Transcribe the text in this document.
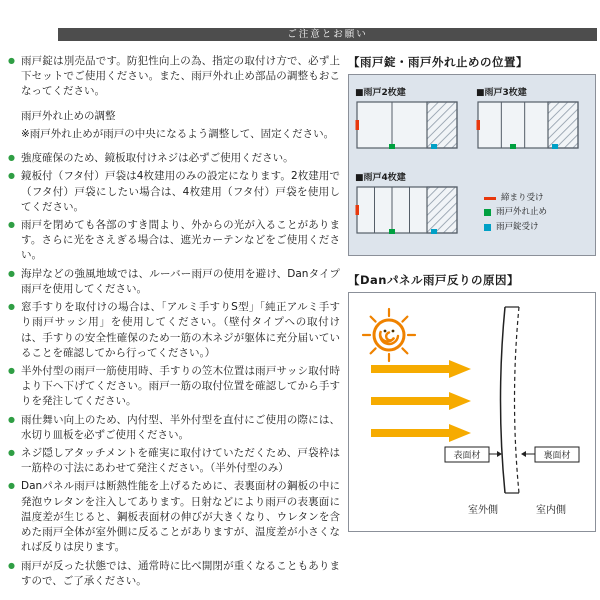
ご注意とお願い
● 雨戸錠は別売品です。防犯性向上の為、指定の取付け方で、必ず上下セットでご使用ください。また、雨戸外れ止め部品の調整もおこなってください。
雨戸外れ止めの調整
※雨戸外れ止めが雨戸の中央になるよう調整して、固定ください。
● 強度確保のため、鏡板取付けネジは必ずご使用ください。
● 鏡板付（フタ付）戸袋は4枚建用のみの設定になります。2枚建用で（フタ付）戸袋にしたい場合は、4枚建用（フタ付）戸袋を使用してください。
● 雨戸を閉めても各部のすき間より、外からの光が入ることがあります。さらに光をさえぎる場合は、遮光カーテンなどをご使用ください。
● 海岸などの強風地域では、ルーバー雨戸の使用を避け、Danタイプ雨戸を使用してください。
● 窓手すりを取付けの場合は、「アルミ手すりS型」「純正アルミ手すり雨戸サッシ用」を使用してください。（壁付タイプへの取付けは、手すりの安全性確保のため一筋の木ネジが躯体に充分届いていることを確認してから行ってください。）
● 半外付型の雨戸一筋使用時、手すりの笠木位置は雨戸サッシ取付時より下へ下げてください。雨戸一筋の取付位置を確認してから手すりを発注してください。
● 雨仕舞い向上のため、内付型、半外付型を直付にご使用の際には、水切り皿板を必ずご使用ください。
● ネジ隠しアタッチメントを確実に取付けていただくため、戸袋枠は一筋枠の寸法にあわせて発注ください。（半外付型のみ）
● Danパネル雨戸は断熱性能を上げるために、表裏面材の鋼板の中に発泡ウレタンを注入してあります。日射などにより雨戸の表裏面に温度差が生じると、鋼板表面材の伸びが大きくなり、ウレタンを含めた雨戸全体が室外側に反ることがありますが、温度差が小さくなれば反りは戻ります。
● 雨戸が反った状態では、通常時に比べ開閉が重くなることもありますので、ご了承ください。
【雨戸錠・雨戸外れ止めの位置】
■雨戸2枚建	■雨戸3枚建
■雨戸4枚建
締まり受け
雨戸外れ止め
雨戸錠受け
【Danパネル雨戸反りの原因】
表面材	裏面材
室外側	室内側
